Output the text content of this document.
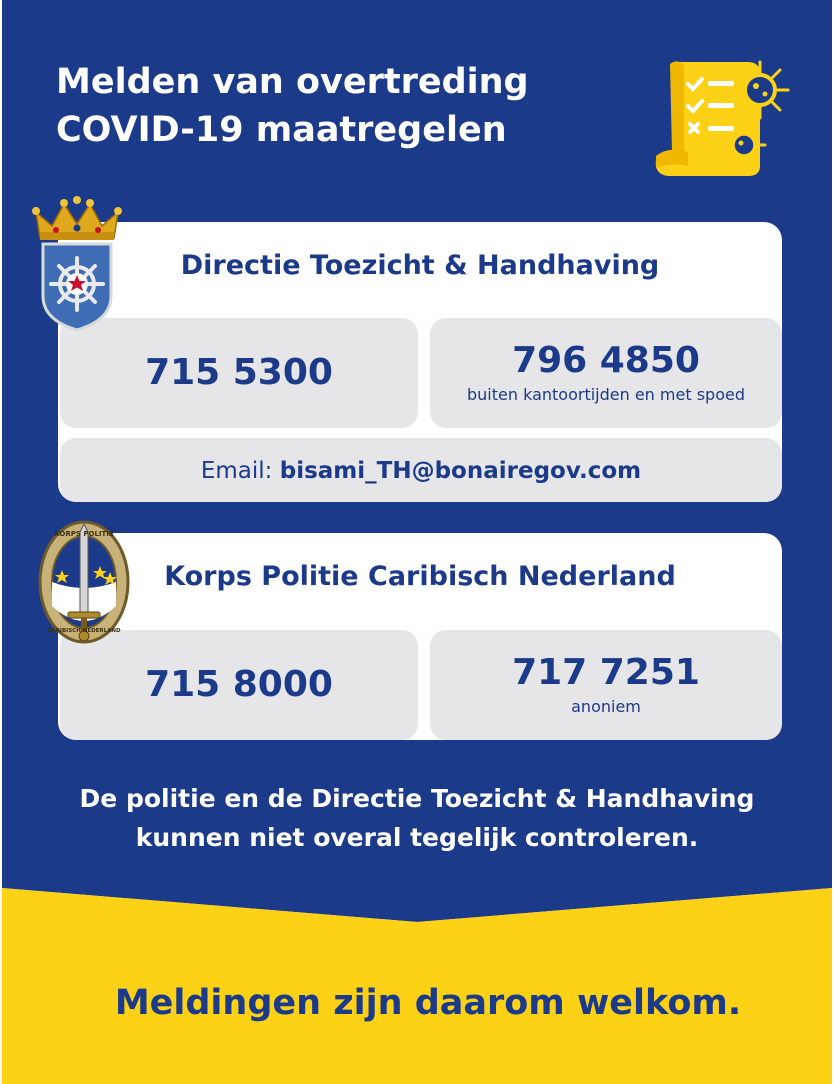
Melden van overtreding
COVID-19 maatregelen
Directie Toezicht & Handhaving
715 5300	796 4850
buiten kantoortijden en met spoed
Email: bisami_TH@bonairegov.com
Korps Politie Caribisch Nederland
715 8000	717 7251
anoniem
KORPS POLITIE
CARIBISCH NEDERLAND
De politie en de Directie Toezicht & Handhaving
kunnen niet overal tegelijk controleren.
Meldingen zijn daarom welkom.
